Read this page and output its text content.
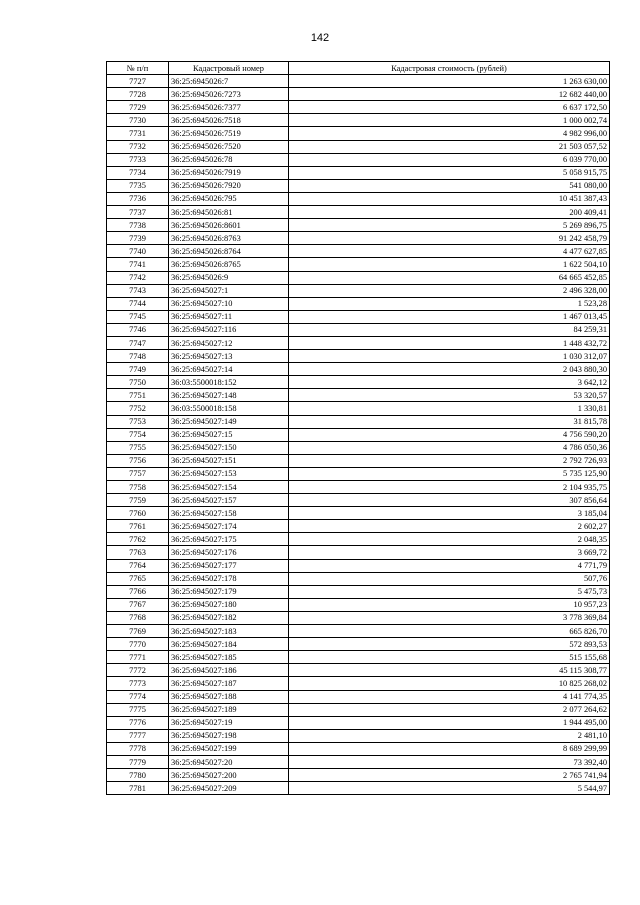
142
№ п/п	Кадастровый номер	Кадастровая стоимость (рублей)
7727	36:25:6945026:7	1 263 630,00
7728	36:25:6945026:7273	12 682 440,00
7729	36:25:6945026:7377	6 637 172,50
7730	36:25:6945026:7518	1 000 002,74
7731	36:25:6945026:7519	4 982 996,00
7732	36:25:6945026:7520	21 503 057,52
7733	36:25:6945026:78	6 039 770,00
7734	36:25:6945026:7919	5 058 915,75
7735	36:25:6945026:7920	541 080,00
7736	36:25:6945026:795	10 451 387,43
7737	36:25:6945026:81	200 409,41
7738	36:25:6945026:8601	5 269 896,75
7739	36:25:6945026:8763	91 242 458,79
7740	36:25:6945026:8764	4 477 627,85
7741	36:25:6945026:8765	1 622 504,10
7742	36:25:6945026:9	64 665 452,85
7743	36:25:6945027:1	2 496 328,00
7744	36:25:6945027:10	1 523,28
7745	36:25:6945027:11	1 467 013,45
7746	36:25:6945027:116	84 259,31
7747	36:25:6945027:12	1 448 432,72
7748	36:25:6945027:13	1 030 312,07
7749	36:25:6945027:14	2 043 880,30
7750	36:03:5500018:152	3 642,12
7751	36:25:6945027:148	53 320,57
7752	36:03:5500018:158	1 330,81
7753	36:25:6945027:149	31 815,78
7754	36:25:6945027:15	4 756 590,20
7755	36:25:6945027:150	4 786 050,36
7756	36:25:6945027:151	2 792 726,93
7757	36:25:6945027:153	5 735 125,90
7758	36:25:6945027:154	2 104 935,75
7759	36:25:6945027:157	307 856,64
7760	36:25:6945027:158	3 185,04
7761	36:25:6945027:174	2 602,27
7762	36:25:6945027:175	2 048,35
7763	36:25:6945027:176	3 669,72
7764	36:25:6945027:177	4 771,79
7765	36:25:6945027:178	507,76
7766	36:25:6945027:179	5 475,73
7767	36:25:6945027:180	10 957,23
7768	36:25:6945027:182	3 778 369,84
7769	36:25:6945027:183	665 826,70
7770	36:25:6945027:184	572 893,53
7771	36:25:6945027:185	515 155,68
7772	36:25:6945027:186	45 115 308,77
7773	36:25:6945027:187	10 825 268,02
7774	36:25:6945027:188	4 141 774,35
7775	36:25:6945027:189	2 077 264,62
7776	36:25:6945027:19	1 944 495,00
7777	36:25:6945027:198	2 481,10
7778	36:25:6945027:199	8 689 299,99
7779	36:25:6945027:20	73 392,40
7780	36:25:6945027:200	2 765 741,94
7781	36:25:6945027:209	5 544,97
